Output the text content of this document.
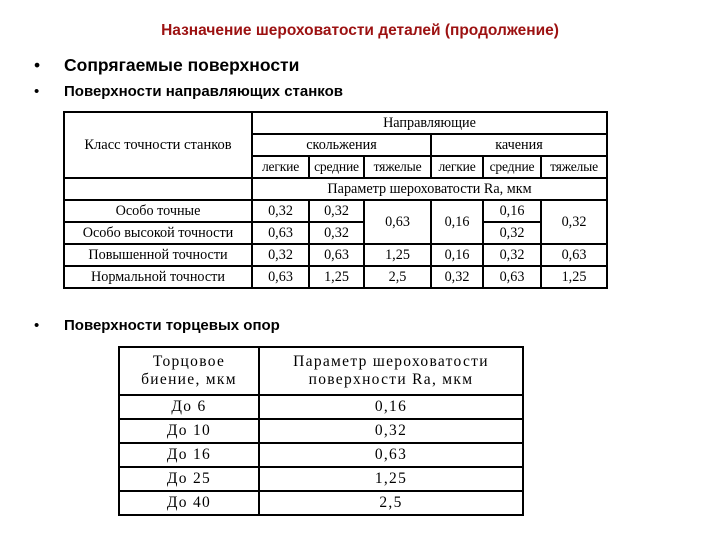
Назначение шероховатости деталей (продолжение)
• Сопрягаемые поверхности
• Поверхности направляющих станков
Класс точности станков	Направляющие					
	скольжения			качения		
	легкие	средние	тяжелые	легкие	средние	тяжелые
	Параметр шероховатости Ra, мкм					
Особо точные	0,32	0,32	0,63	0,16	0,16	0,32
Особо высокой точности	0,63	0,32			0,32	
Повышенной точности	0,32	0,63	1,25	0,16	0,32	0,63
Нормальной точности	0,63	1,25	2,5	0,32	0,63	1,25
• Поверхности торцевых опор
Торцовое
биение, мкм	Параметр шероховатости
поверхности Ra, мкм
До 6	0,16
До 10	0,32
До 16	0,63
До 25	1,25
До 40	2,5
